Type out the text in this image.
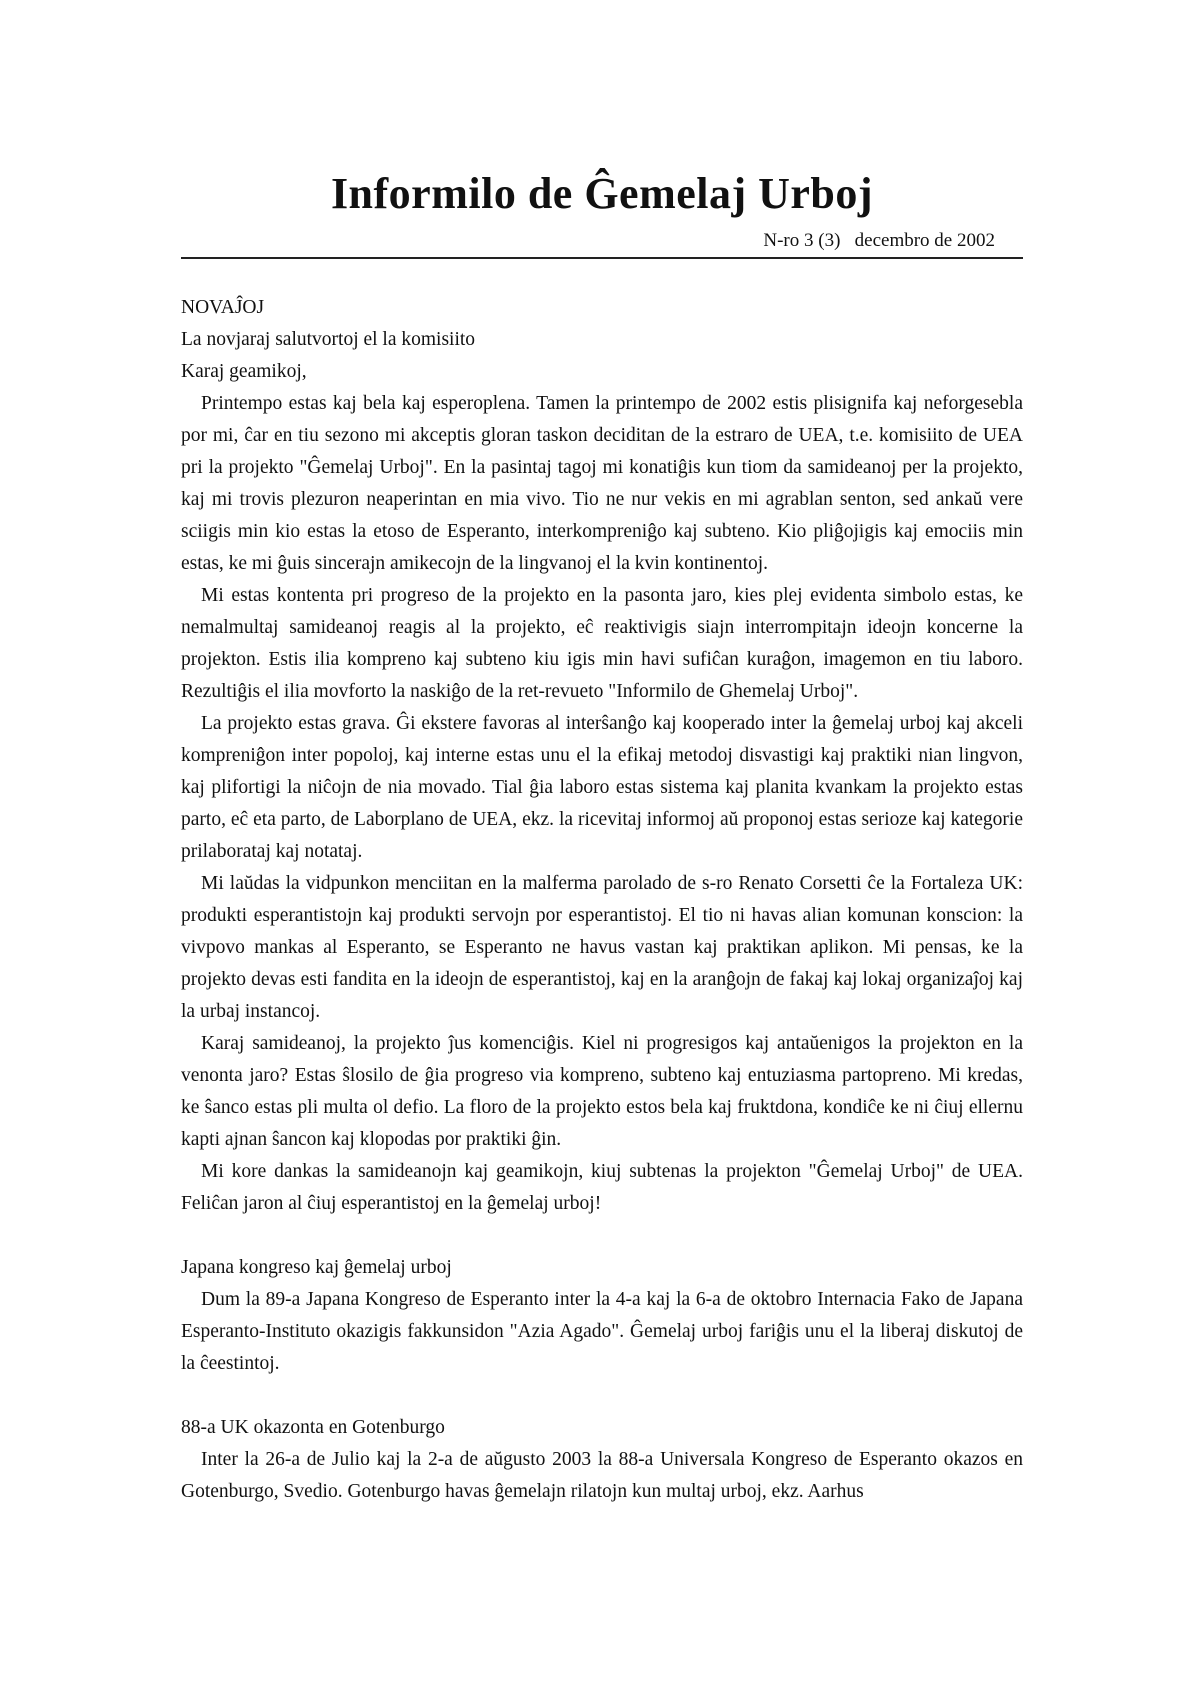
Informilo de Ĝemelaj Urboj
N-ro 3 (3)   decembro de 2002
NOVAĴOJ
La novjaraj salutvortoj el la komisiito
Karaj geamikoj,

Printempo estas kaj bela kaj esperoplena. Tamen la printempo de 2002 estis plisignifa kaj neforgesebla por mi, ĉar en tiu sezono mi akceptis gloran taskon deciditan de la estraro de UEA, t.e. komisiito de UEA pri la projekto "Ĝemelaj Urboj". En la pasintaj tagoj mi konatiĝis kun tiom da samideanoj per la projekto, kaj mi trovis plezuron neaperintan en mia vivo. Tio ne nur vekis en mi agrablan senton, sed ankaŭ vere sciigis min kio estas la etoso de Esperanto, interkompreniĝo kaj subteno. Kio pliĝojigis kaj emociis min estas, ke mi ĝuis sincerajn amikecojn de la lingvanoj el la kvin kontinentoj.

Mi estas kontenta pri progreso de la projekto en la pasonta jaro, kies plej evidenta simbolo estas, ke nemalmultaj samideanoj reagis al la projekto, eĉ reaktivigis siajn interrompitajn ideojn koncerne la projekton. Estis ilia kompreno kaj subteno kiu igis min havi sufiĉan kuraĝon, imagemon en tiu laboro. Rezultiĝis el ilia movforto la naskiĝo de la ret-revueto "Informilo de Ghemelaj Urboj".

La projekto estas grava. Ĝi ekstere favoras al interŝanĝo kaj kooperado inter la ĝemelaj urboj kaj akceli kompreniĝon inter popoloj, kaj interne estas unu el la efikaj metodoj disvastigi kaj praktiki nian lingvon, kaj plifortigi la niĉojn de nia movado. Tial ĝia laboro estas sistema kaj planita kvankam la projekto estas parto, eĉ eta parto, de Laborplano de UEA, ekz. la ricevitaj informoj aŭ proponoj estas serioze kaj kategorie prilaborataj kaj notataj.

Mi laŭdas la vidpunkon menciitan en la malferma parolado de s-ro Renato Corsetti ĉe la Fortaleza UK: produkti esperantistojn kaj produkti servojn por esperantistoj. El tio ni havas alian komunan konscion: la vivpovo mankas al Esperanto, se Esperanto ne havus vastan kaj praktikan aplikon. Mi pensas, ke la projekto devas esti fandita en la ideojn de esperantistoj, kaj en la aranĝojn de fakaj kaj lokaj organizaĵoj kaj la urbaj instancoj.

Karaj samideanoj, la projekto ĵus komenciĝis. Kiel ni progresigos kaj antaŭenigos la projekton en la venonta jaro? Estas ŝlosilo de ĝia progreso via kompreno, subteno kaj entuziasma partopreno. Mi kredas, ke ŝanco estas pli multa ol defio. La floro de la projekto estos bela kaj fruktdona, kondiĉe ke ni ĉiuj ellernu kapti ajnan ŝancon kaj klopodas por praktiki ĝin.

Mi kore dankas la samideanojn kaj geamikojn, kiuj subtenas la projekton "Ĝemelaj Urboj" de UEA. Feliĉan jaron al ĉiuj esperantistoj en la ĝemelaj urboj!

Japana kongreso kaj ĝemelaj urboj

Dum la 89-a Japana Kongreso de Esperanto inter la 4-a kaj la 6-a de oktobro Internacia Fako de Japana Esperanto-Instituto okazigis fakkunsidon "Azia Agado". Ĝemelaj urboj fariĝis unu el la liberaj diskutoj de la ĉeestintoj.

88-a UK okazonta en Gotenburgo

Inter la 26-a de Julio kaj la 2-a de aŭgusto 2003 la 88-a Universala Kongreso de Esperanto okazos en Gotenburgo, Svedio. Gotenburgo havas ĝemelajn rilatojn kun multaj urboj, ekz. Aarhus
